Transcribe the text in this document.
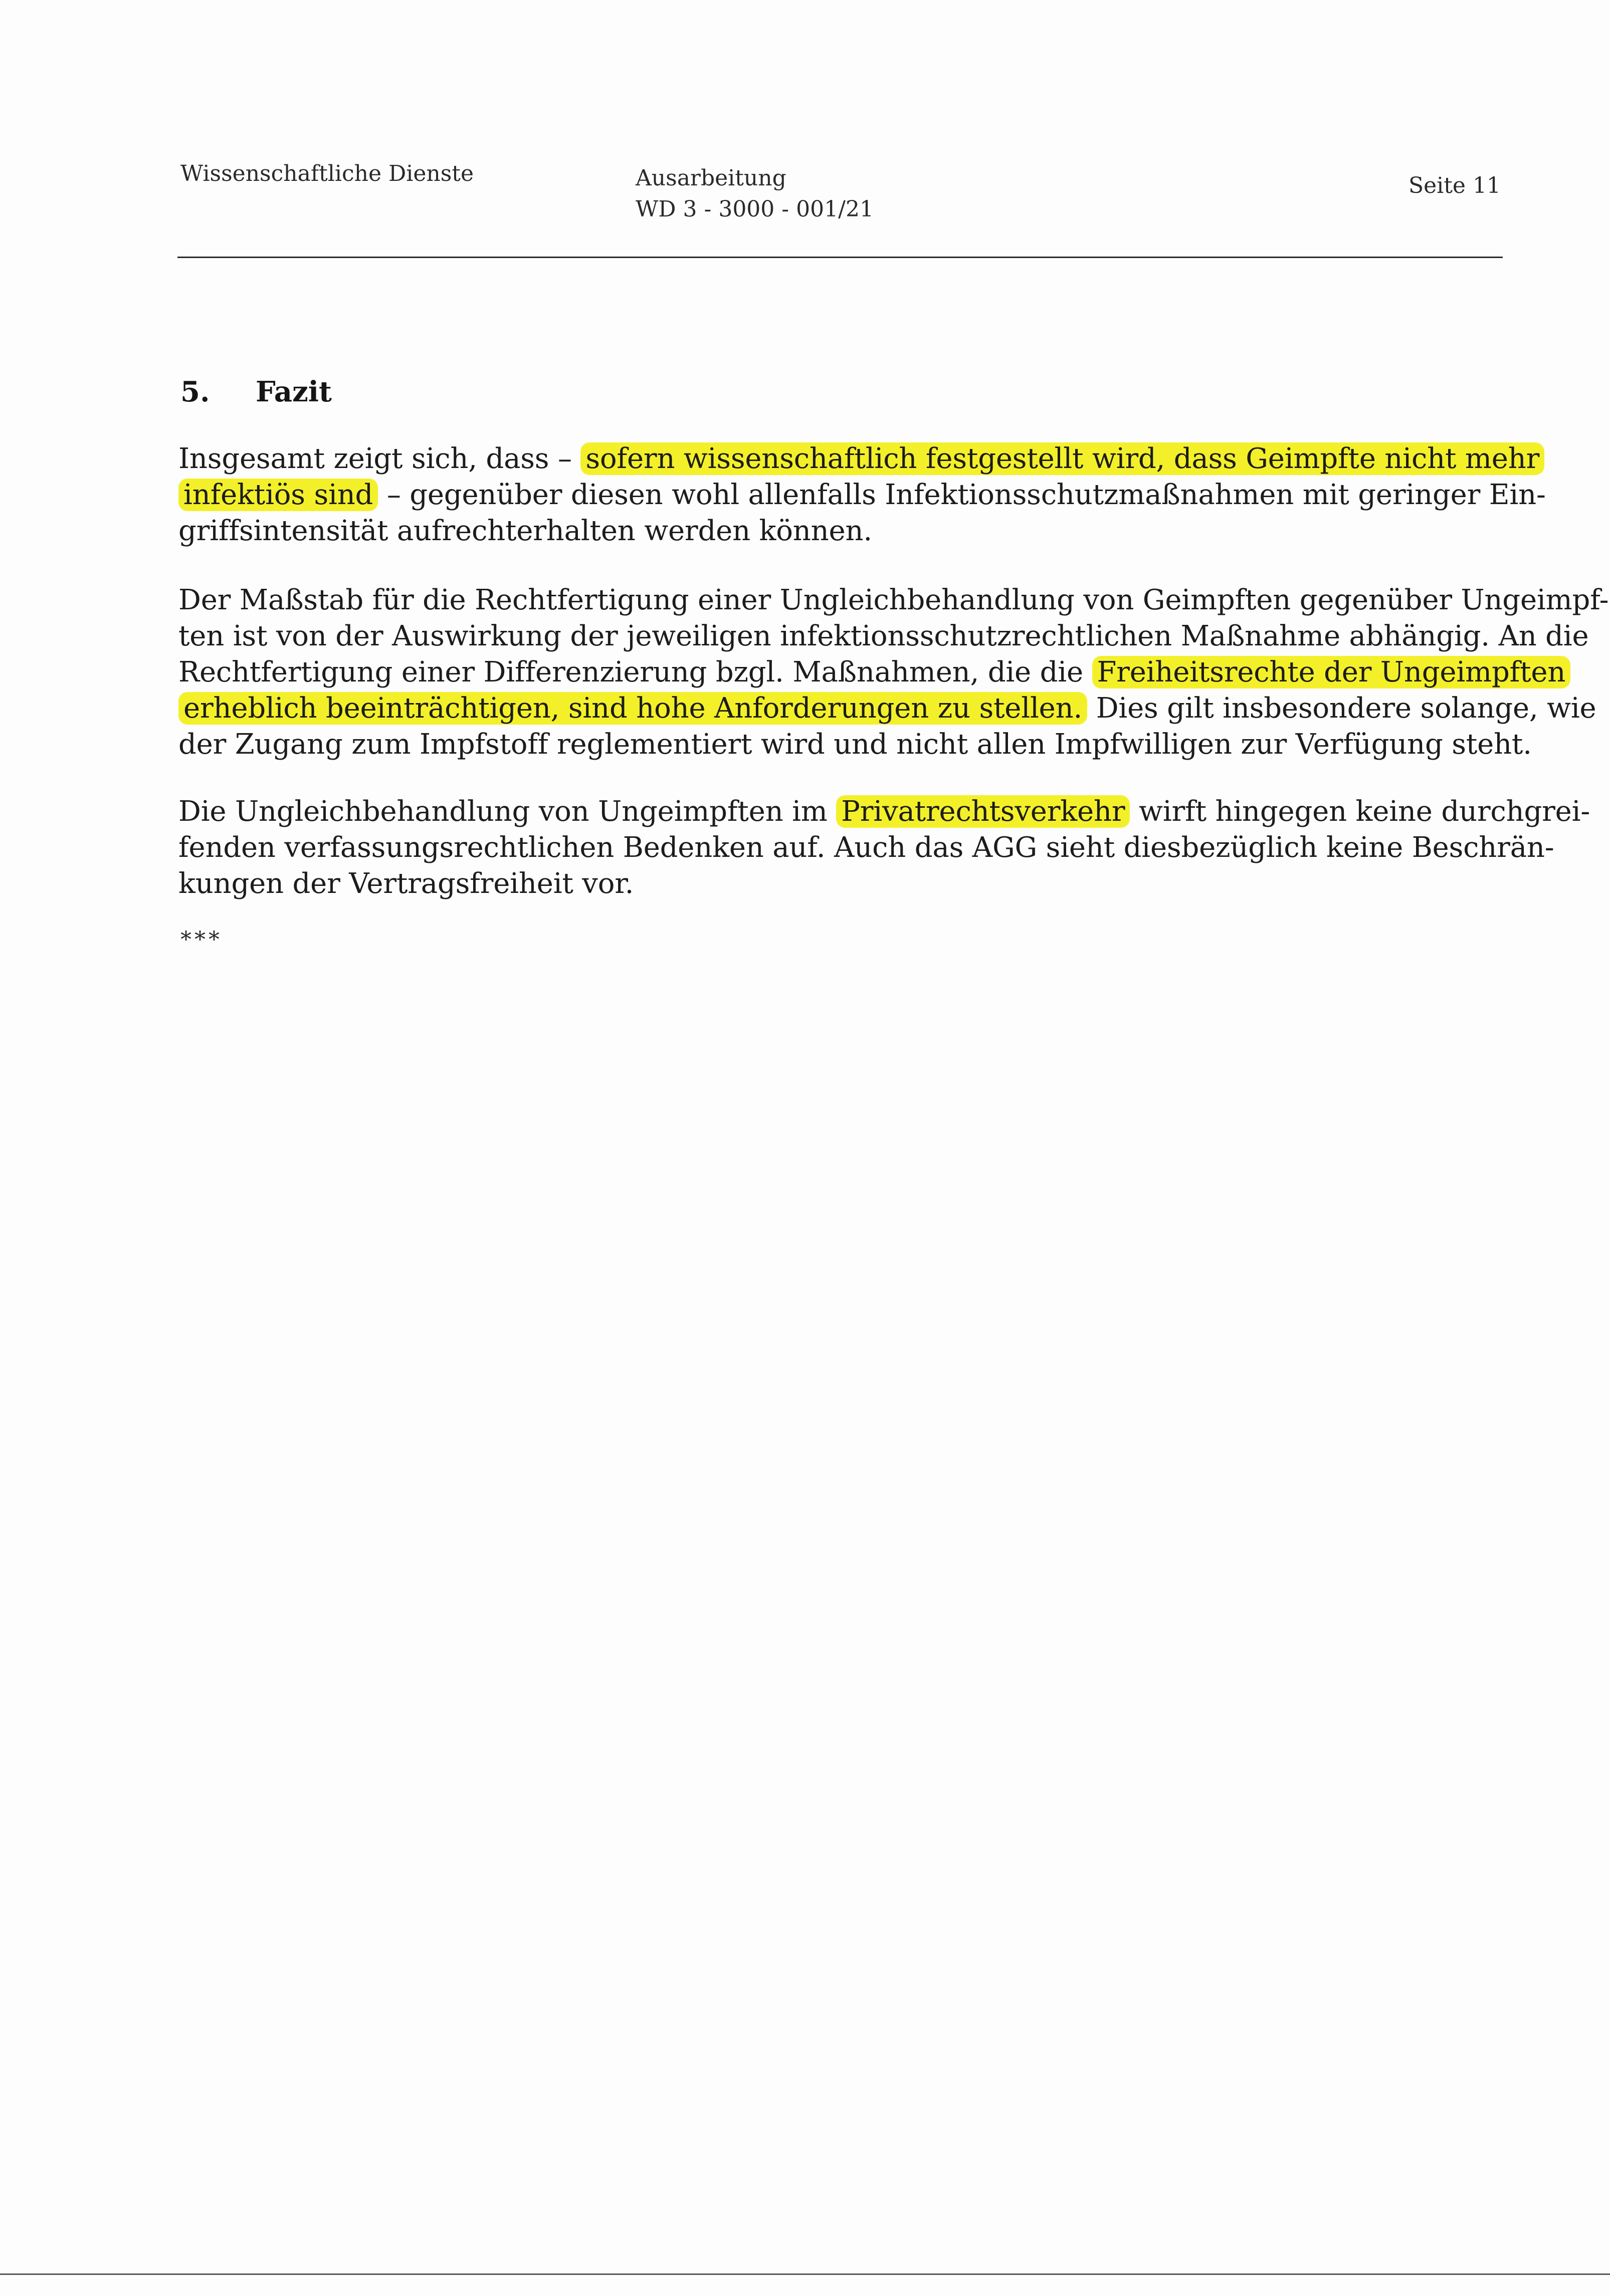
Wissenschaftliche Dienste	Ausarbeitung
WD 3 - 3000 - 001/21
Seite 11
5. Fazit
Insgesamt zeigt sich, dass – sofern wissenschaftlich festgestellt wird, dass Geimpfte nicht mehr
infektiös sind – gegenüber diesen wohl allenfalls Infektionsschutzmaßnahmen mit geringer Ein-
griffsintensität aufrechterhalten werden können.
Der Maßstab für die Rechtfertigung einer Ungleichbehandlung von Geimpften gegenüber Ungeimpf-
ten ist von der Auswirkung der jeweiligen infektionsschutzrechtlichen Maßnahme abhängig. An die
Rechtfertigung einer Differenzierung bzgl. Maßnahmen, die die Freiheitsrechte der Ungeimpften
erheblich beeinträchtigen, sind hohe Anforderungen zu stellen. Dies gilt insbesondere solange, wie
der Zugang zum Impfstoff reglementiert wird und nicht allen Impfwilligen zur Verfügung steht.
Die Ungleichbehandlung von Ungeimpften im Privatrechtsverkehr wirft hingegen keine durchgrei-
fenden verfassungsrechtlichen Bedenken auf. Auch das AGG sieht diesbezüglich keine Beschrän-
kungen der Vertragsfreiheit vor.
***
